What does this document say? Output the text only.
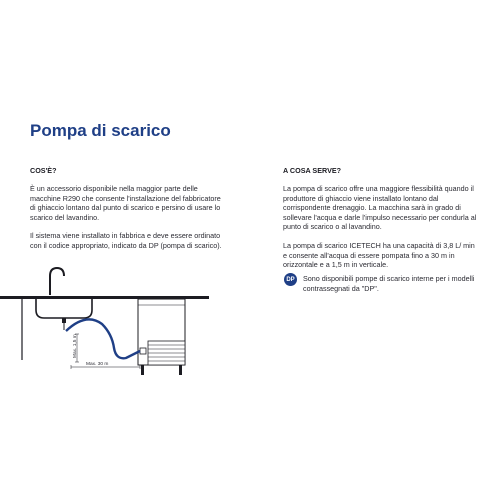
Pompa di scarico
COS'È?

È un accessorio disponibile nella maggior parte delle macchine R290 che consente l'installazione del fabbricatore di ghiaccio lontano dal punto di scarico e persino di usare lo scarico del lavandino.

Il sistema viene installato in fabbrica e deve essere ordinato con il codice appropriato, indicato da DP (pompa di scarico).

A COSA SERVE?

La pompa di scarico offre una maggiore flessibilità quando il produttore di ghiaccio viene installato lontano dal corrispondente drenaggio. La macchina sarà in grado di sollevare l'acqua e darle l'impulso necessario per condurla al punto di scarico o al lavandino.

La pompa di scarico ICETECH ha una capacità di 3,8 L/ min e consente all'acqua di essere pompata fino a 30 m in orizzontale e a 1,5 m in verticale.

DP	Sono disponibili pompe di scarico interne per i modelli contrassegnati da "DP".
Max. 1,5 m
Max. 30 m
